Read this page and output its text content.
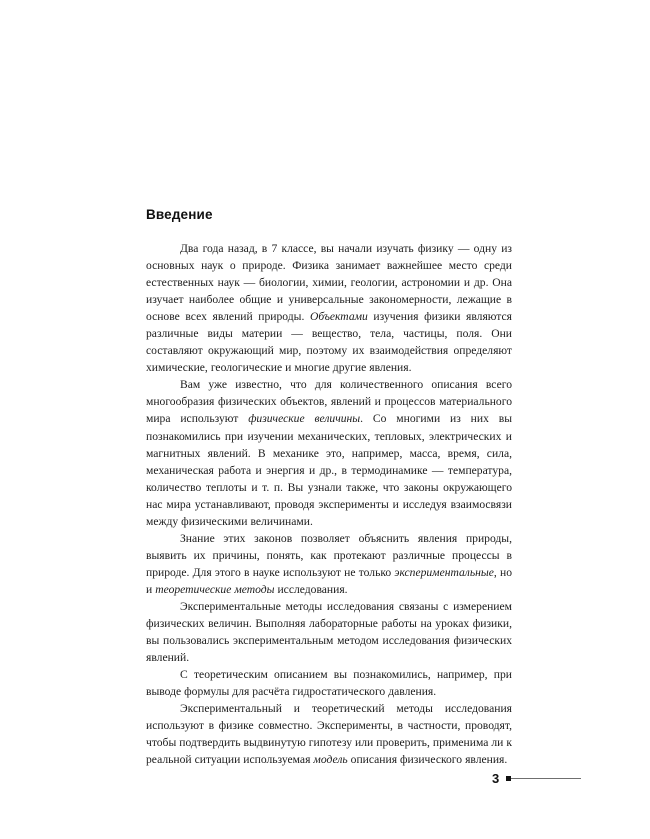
Введение

Два года назад, в 7 классе, вы начали изучать физику — одну из основных наук о природе. Физика занимает важнейшее место среди естественных наук — биологии, химии, геологии, астрономии и др. Она изучает наиболее общие и универсальные закономерности, лежащие в основе всех явлений природы. Объектами изучения физики являются различные виды материи — вещество, тела, частицы, поля. Они составляют окружающий мир, поэтому их взаимодействия определяют химические, геологические и многие другие явления.

Вам уже известно, что для количественного описания всего многообразия физических объектов, явлений и процессов материального мира используют физические величины. Со многими из них вы познакомились при изучении механических, тепловых, электрических и магнитных явлений. В механике это, например, масса, время, сила, механическая работа и энергия и др., в термодинамике — температура, количество теплоты и т. п. Вы узнали также, что законы окружающего нас мира устанавливают, проводя эксперименты и исследуя взаимосвязи между физическими величинами.

Знание этих законов позволяет объяснить явления природы, выявить их причины, понять, как протекают различные процессы в природе. Для этого в науке используют не только экспериментальные, но и теоретические методы исследования.

Экспериментальные методы исследования связаны с измерением физических величин. Выполняя лабораторные работы на уроках физики, вы пользовались экспериментальным методом исследования физических явлений.

С теоретическим описанием вы познакомились, например, при выводе формулы для расчёта гидростатического давления.

Экспериментальный и теоретический методы исследования используют в физике совместно. Эксперименты, в частности, проводят, чтобы подтвердить выдвинутую гипотезу или проверить, применима ли к реальной ситуации используемая модель описания физического явления.

3
